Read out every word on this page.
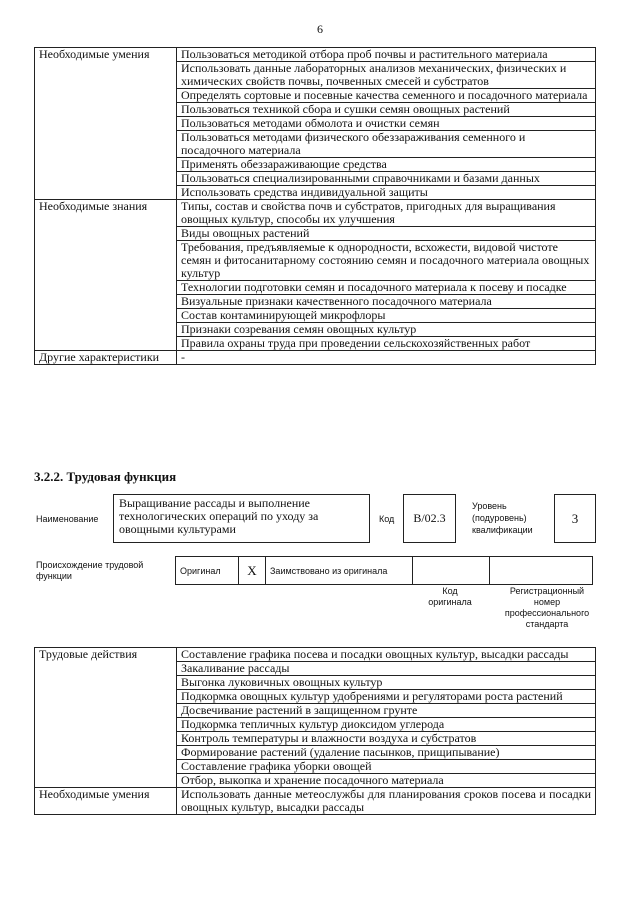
6
Необходимые умения	Пользоваться методикой отбора проб почвы и растительного материала
	Использовать данные лабораторных анализов механических, физических и химических свойств почвы, почвенных смесей и субстратов
	Определять сортовые и посевные качества семенного и посадочного материала
	Пользоваться техникой сбора и сушки семян овощных растений
	Пользоваться методами обмолота и очистки семян
	Пользоваться методами физического обеззараживания семенного и посадочного материала
	Применять обеззараживающие средства
	Пользоваться специализированными справочниками и базами данных
	Использовать средства индивидуальной защиты
Необходимые знания	Типы, состав и свойства почв и субстратов, пригодных для выращивания овощных культур, способы их улучшения
	Виды овощных растений
	Требования, предъявляемые к однородности, всхожести, видовой чистоте семян и фитосанитарному состоянию семян и посадочного материала овощных культур
	Технологии подготовки семян и посадочного материала к посеву и посадке
	Визуальные признаки качественного посадочного материала
	Состав контаминирующей микрофлоры
	Признаки созревания семян овощных культур
	Правила охраны труда при проведении сельскохозяйственных работ
Другие характеристики	-
3.2.2. Трудовая функция
Наименование
Выращивание рассады и выполнение технологических операций по уходу за овощными культурами
Код	В/02.3
Уровень (подуровень) квалификации
3
Происхождение трудовой функции
Оригинал	X	Заимствовано из оригинала		
Код оригинала
Регистрационный номер профессионального стандарта
Трудовые действия	Составление графика посева и посадки овощных культур, высадки рассады
	Закаливание рассады
	Выгонка луковичных овощных культур
	Подкормка овощных культур удобрениями и регуляторами роста растений
	Досвечивание растений в защищенном грунте
	Подкормка тепличных культур диоксидом углерода
	Контроль температуры и влажности воздуха и субстратов
	Формирование растений (удаление пасынков, прищипывание)
	Составление графика уборки овощей
	Отбор, выкопка и хранение посадочного материала
Необходимые умения	Использовать данные метеослужбы для планирования сроков посева и посадки овощных культур, высадки рассады
